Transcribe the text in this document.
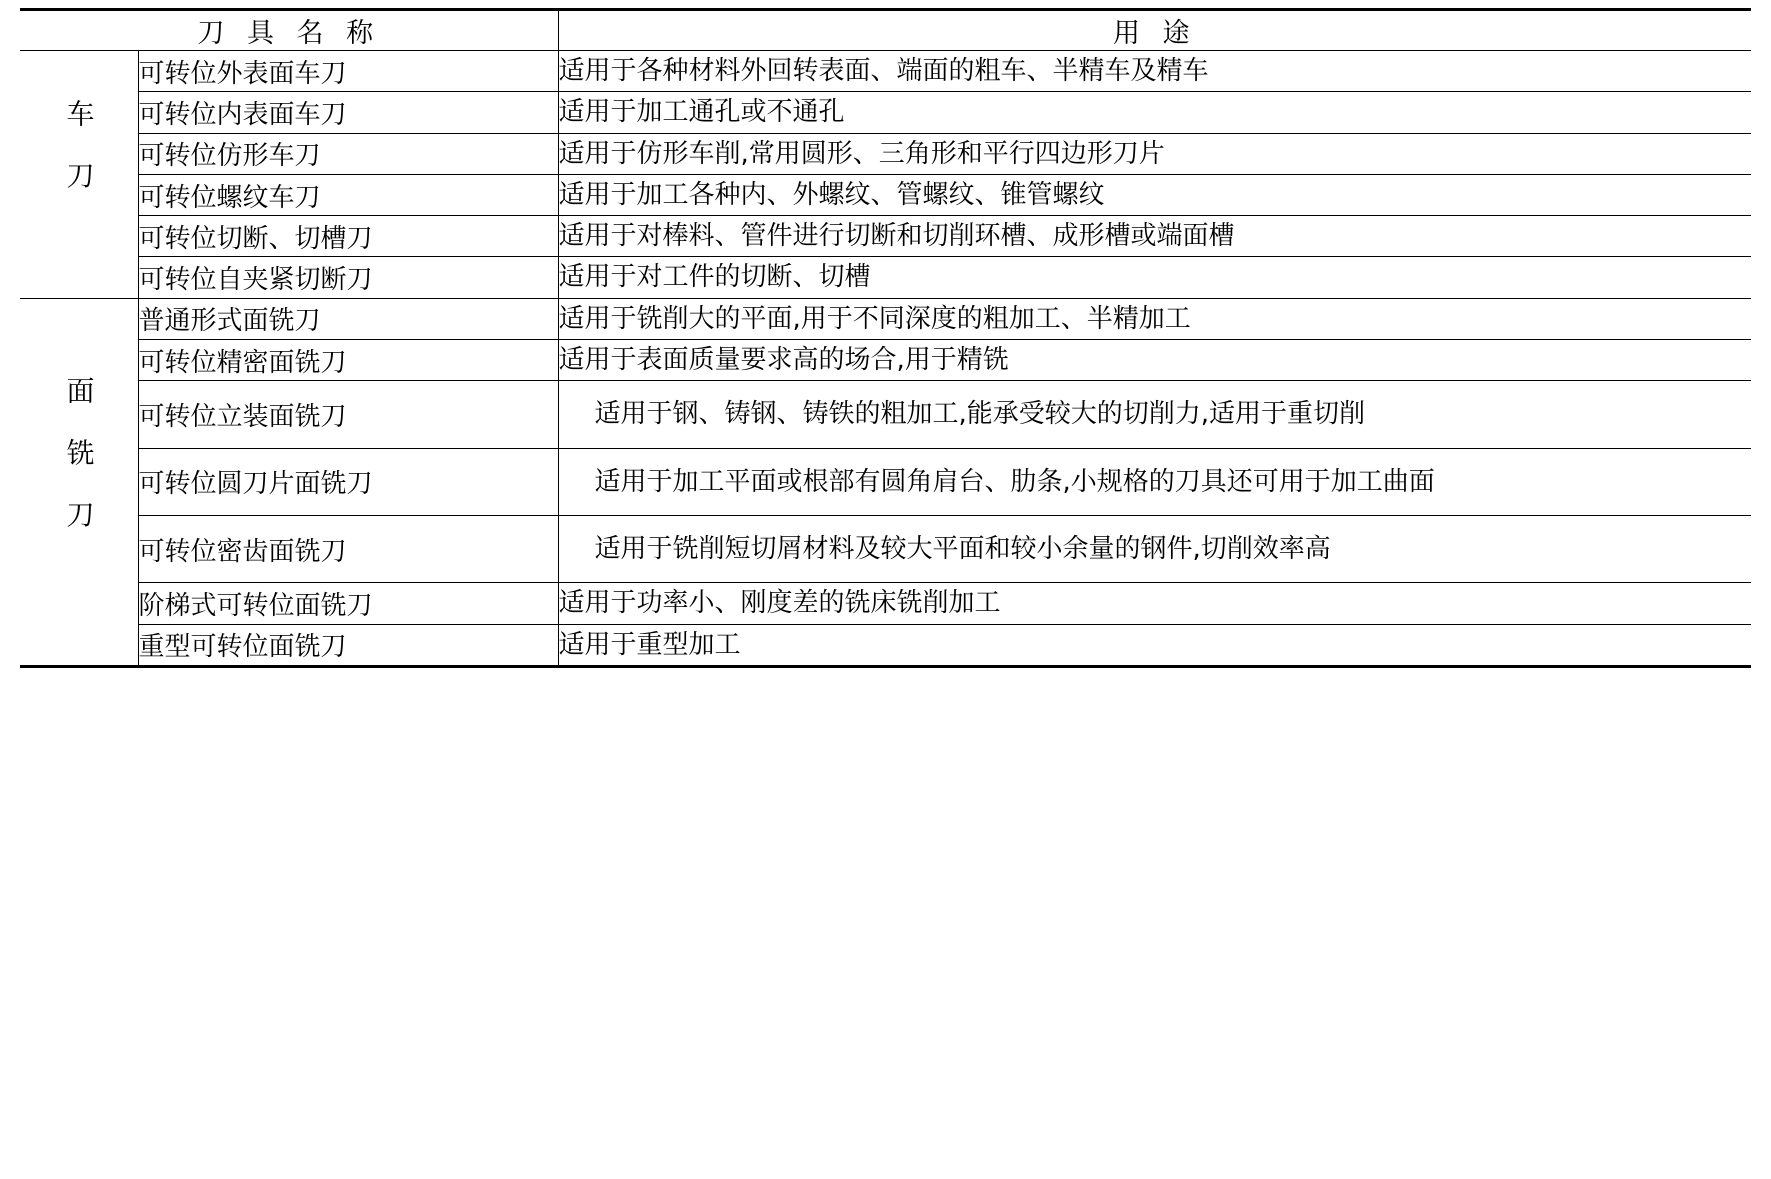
刀 具 名 称		用 途
车刀	可转位外表面车刀	适用于各种材料外回转表面、端面的粗车、半精车及精车
	可转位内表面车刀	适用于加工通孔或不通孔
	可转位仿形车刀	适用于仿形车削,常用圆形、三角形和平行四边形刀片
	可转位螺纹车刀	适用于加工各种内、外螺纹、管螺纹、锥管螺纹
	可转位切断、切槽刀	适用于对棒料、管件进行切断和切削环槽、成形槽或端面槽
	可转位自夹紧切断刀	适用于对工件的切断、切槽
面铣刀	普通形式面铣刀	适用于铣削大的平面,用于不同深度的粗加工、半精加工
	可转位精密面铣刀	适用于表面质量要求高的场合,用于精铣
	可转位立装面铣刀	适用于钢、铸钢、铸铁的粗加工,能承受较大的切削力,适用于重切削

	可转位圆刀片面铣刀	适用于加工平面或根部有圆角肩台、肋条,小规格的刀具还可用于加工曲面

	可转位密齿面铣刀	适用于铣削短切屑材料及较大平面和较小余量的钢件,切削效率高

	阶梯式可转位面铣刀	适用于功率小、刚度差的铣床铣削加工
	重型可转位面铣刀	适用于重型加工
